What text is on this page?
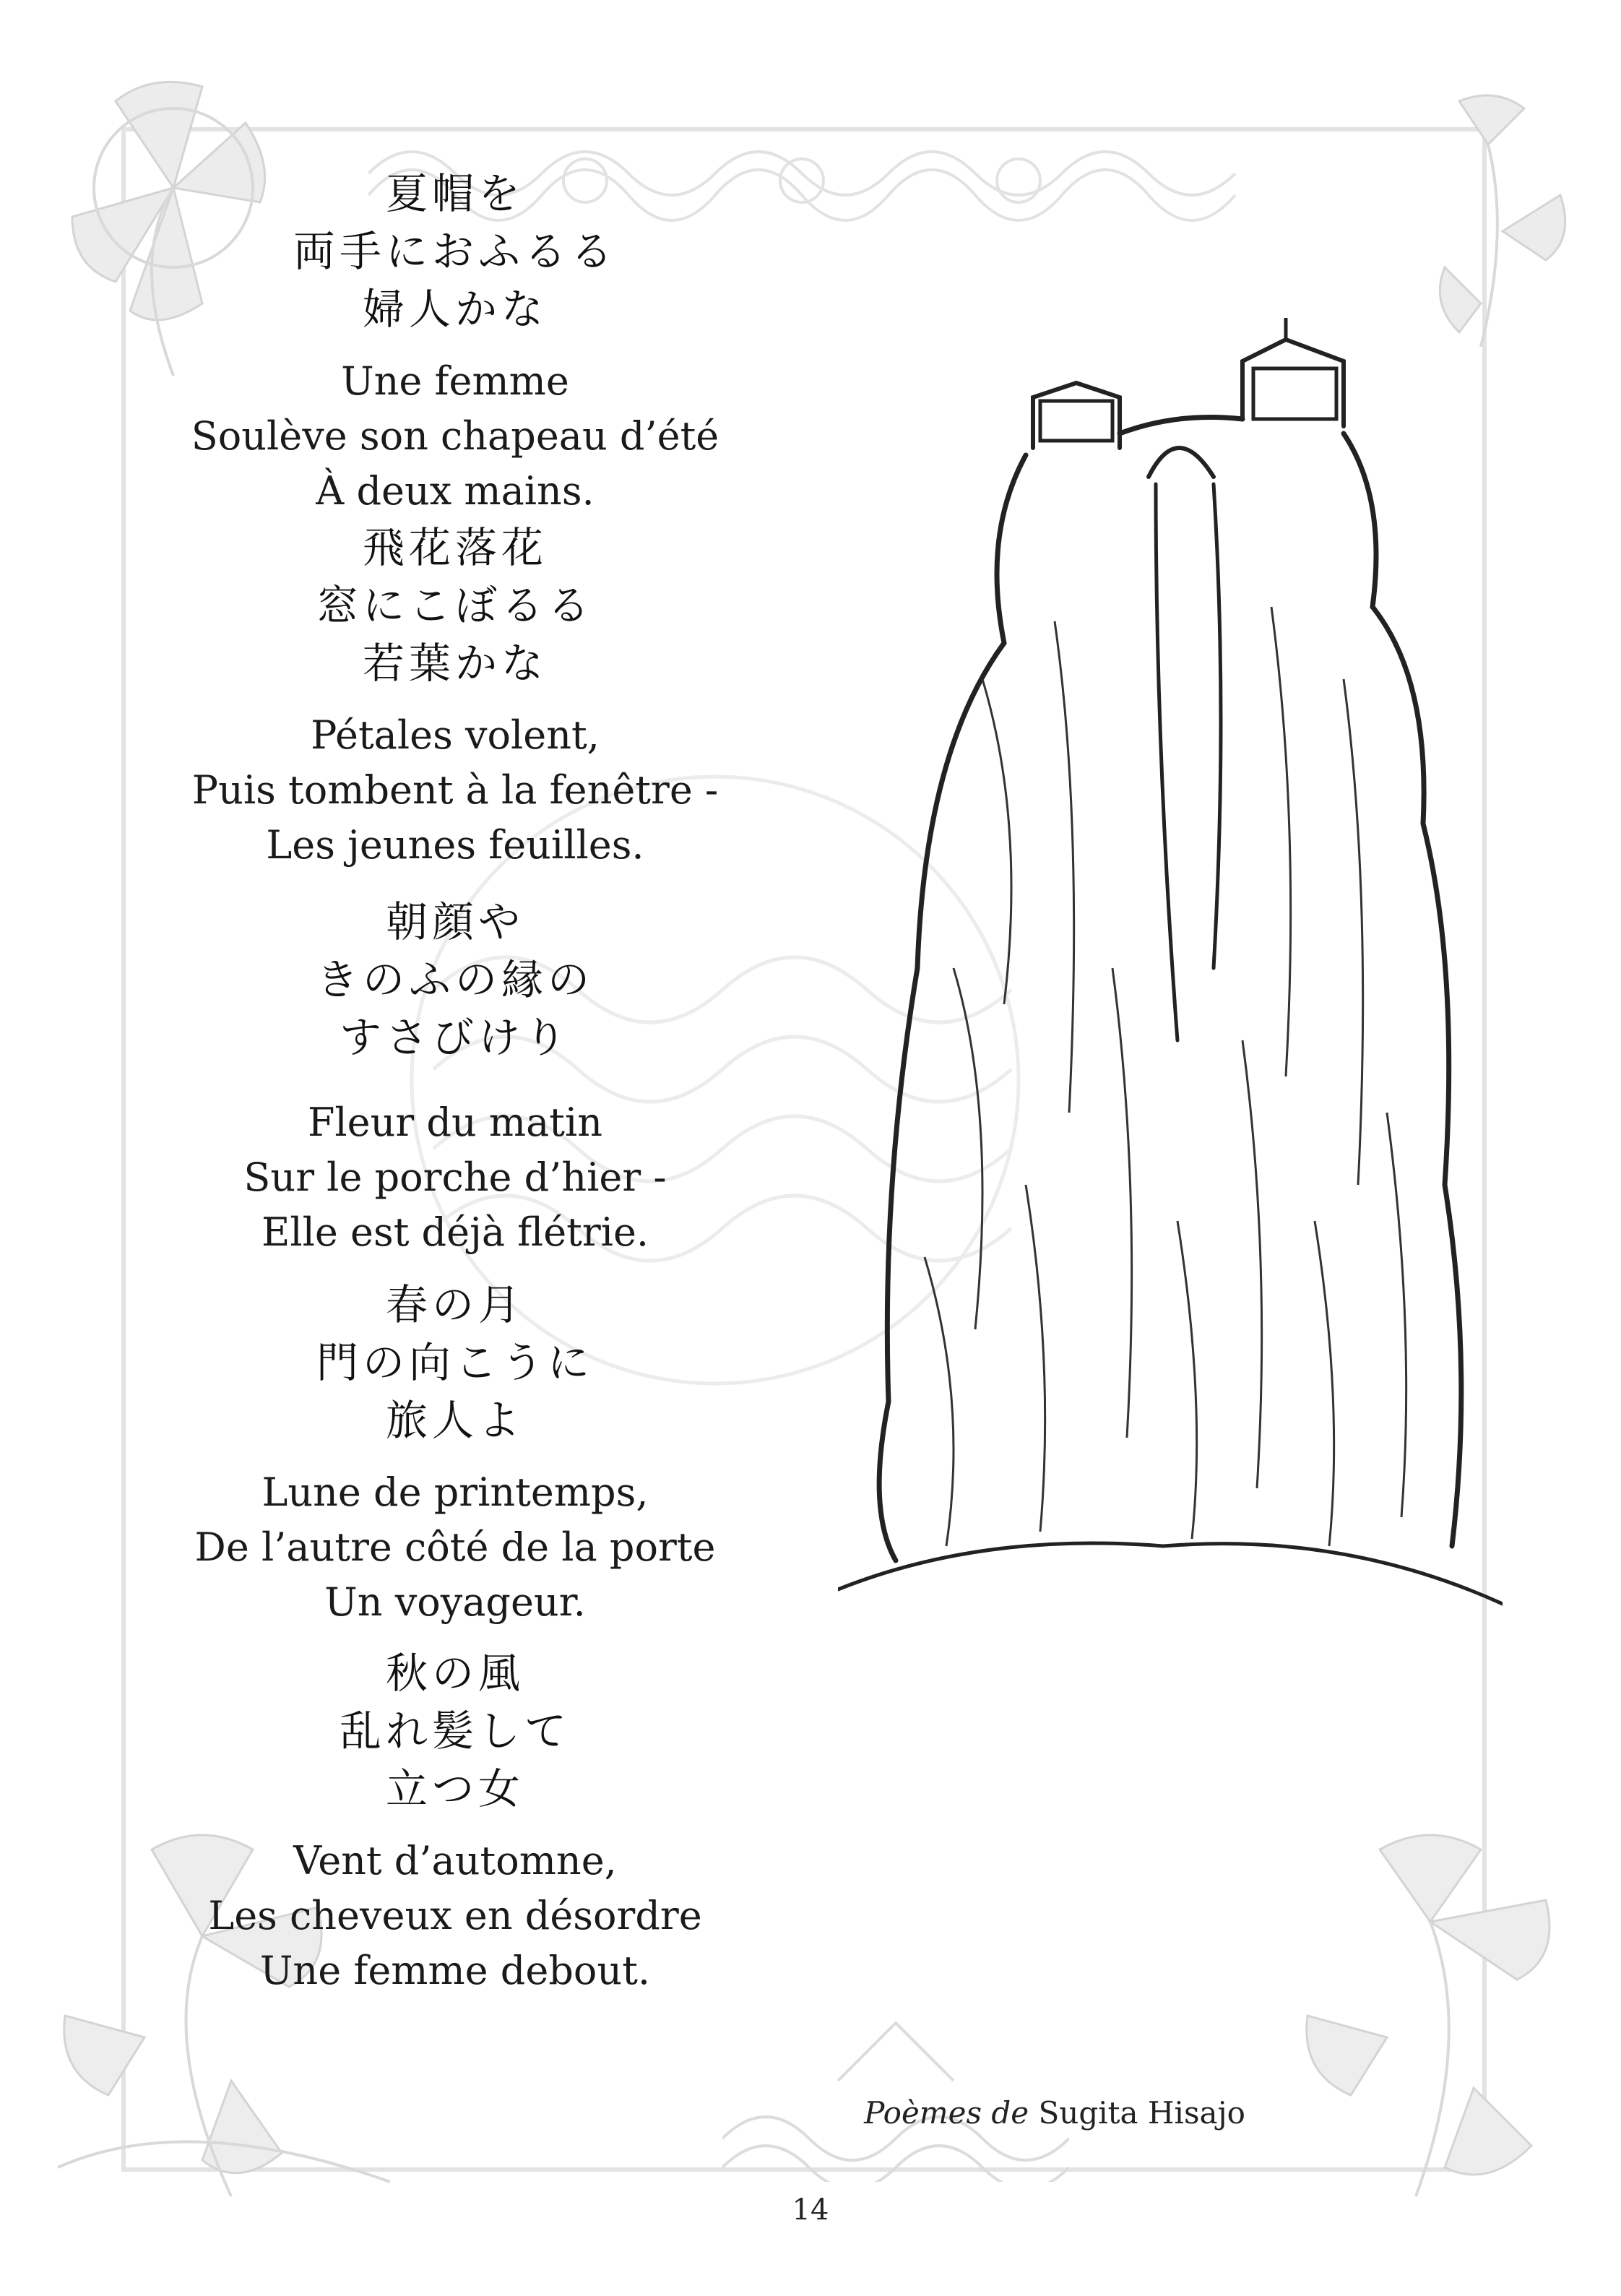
夏帽を
両手におふるる
婦人かな
Une femme
Soulève son chapeau d’été
À deux mains.
飛花落花
窓にこぼるる
若葉かな
Pétales volent,
Puis tombent à la fenêtre -
Les jeunes feuilles.
朝顔や
きのふの縁の
すさびけり
Fleur du matin
Sur le porche d’hier -
Elle est déjà flétrie.
春の月
門の向こうに
旅人よ
Lune de printemps,
De l’autre côté de la porte
Un voyageur.
秋の風
乱れ髪して
立つ女
Vent d’automne,
Les cheveux en désordre
Une femme debout.
Poèmes de Sugita Hisajo
14
